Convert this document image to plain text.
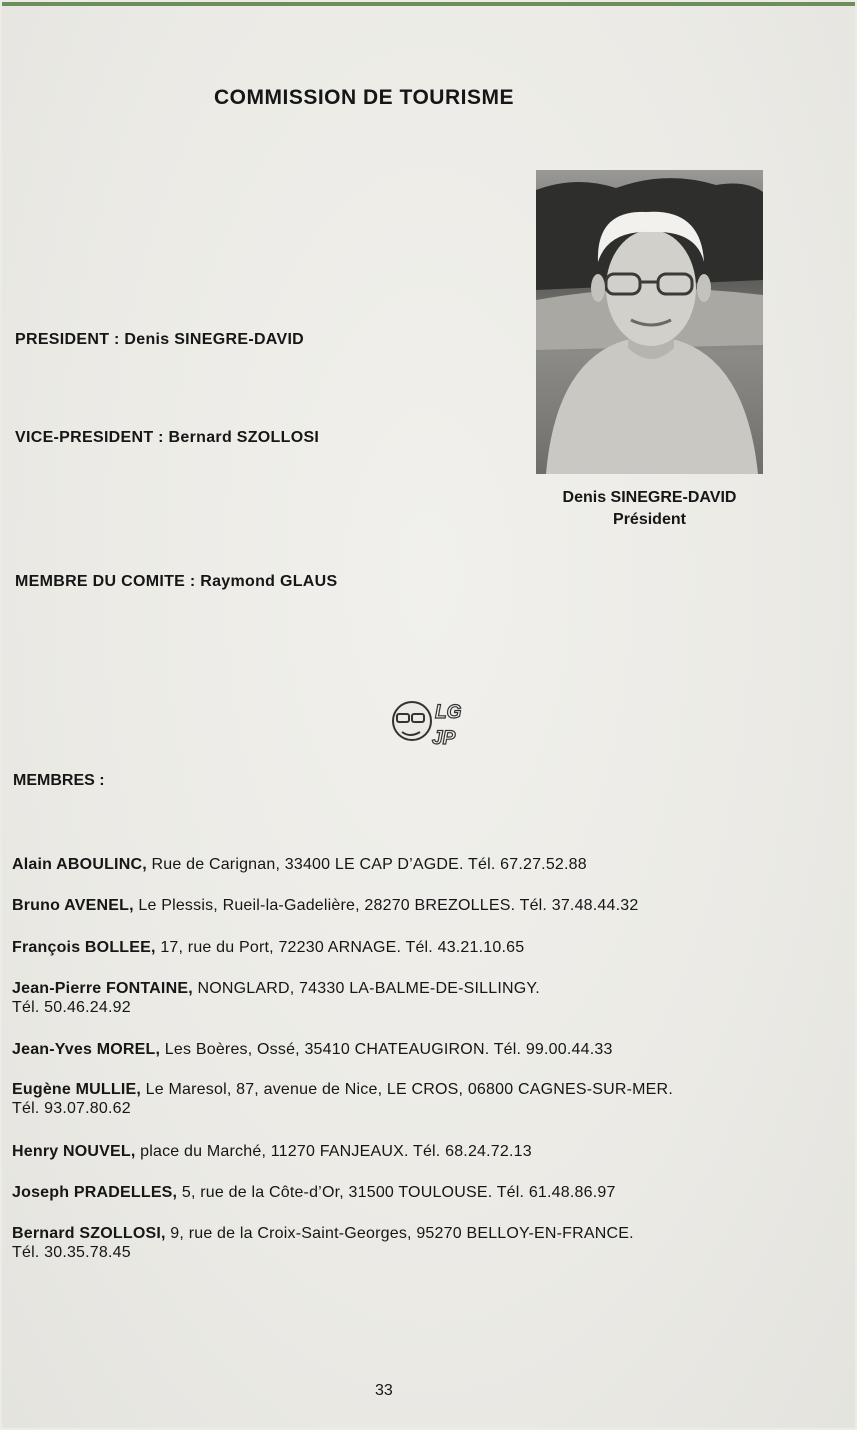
COMMISSION DE TOURISME
PRESIDENT : Denis SINEGRE-DAVID
VICE-PRESIDENT : Bernard SZOLLOSI
MEMBRE DU COMITE : Raymond GLAUS
Denis SINEGRE-DAVID
Président
LG
JP
MEMBRES :
Alain ABOULINC, Rue de Carignan, 33400 LE CAP D’AGDE. Tél. 67.27.52.88
Bruno AVENEL, Le Plessis, Rueil-la-Gadelière, 28270 BREZOLLES. Tél. 37.48.44.32
François BOLLEE, 17, rue du Port, 72230 ARNAGE. Tél. 43.21.10.65
Jean-Pierre FONTAINE, NONGLARD, 74330 LA-BALME-DE-SILLINGY.
Tél. 50.46.24.92
Jean-Yves MOREL, Les Boères, Ossé, 35410 CHATEAUGIRON. Tél. 99.00.44.33
Eugène MULLIE, Le Maresol, 87, avenue de Nice, LE CROS, 06800 CAGNES-SUR-MER.
Tél. 93.07.80.62
Henry NOUVEL, place du Marché, 11270 FANJEAUX. Tél. 68.24.72.13
Joseph PRADELLES, 5, rue de la Côte-d’Or, 31500 TOULOUSE. Tél. 61.48.86.97
Bernard SZOLLOSI, 9, rue de la Croix-Saint-Georges, 95270 BELLOY-EN-FRANCE.
Tél. 30.35.78.45
33
